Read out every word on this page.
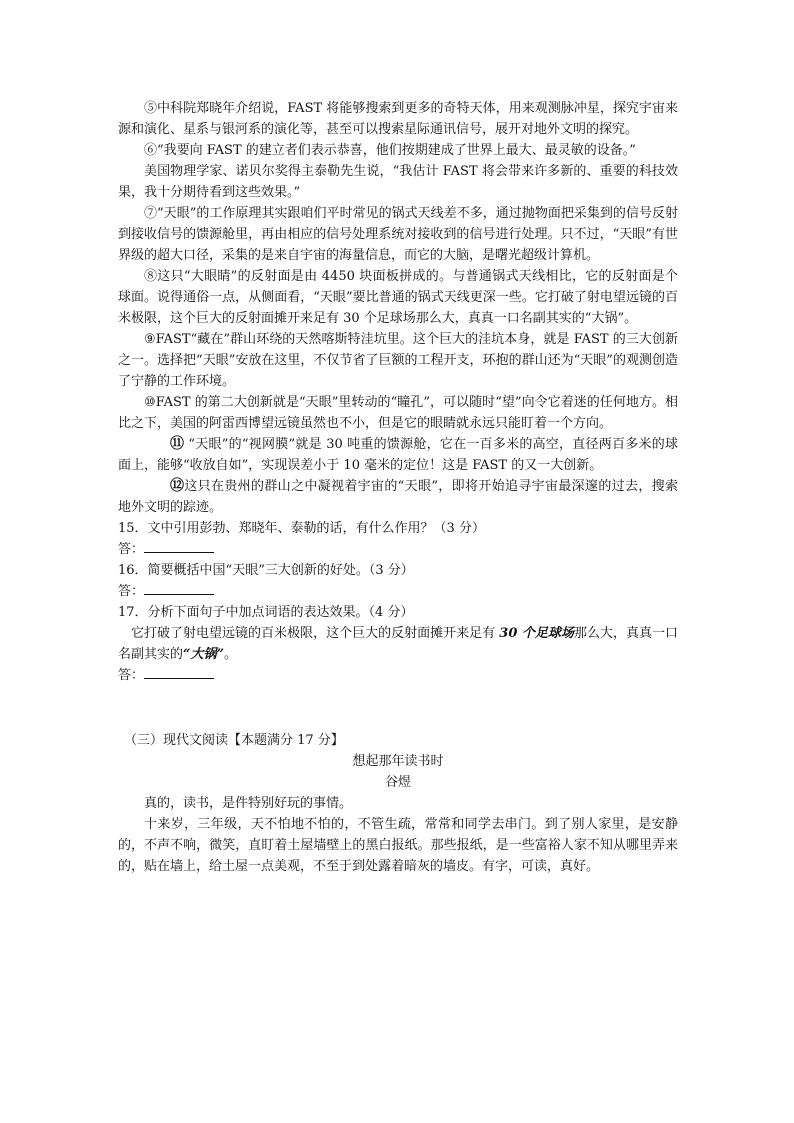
⑤中科院郑晓年介绍说，FAST 将能够搜索到更多的奇特天体，用来观测脉冲星，探究宇宙来源和演化、星系与银河系的演化等，甚至可以搜索星际通讯信号，展开对地外文明的探究。

⑥“我要向 FAST 的建立者们表示恭喜，他们按期建成了世界上最大、最灵敏的设备。”

美国物理学家、诺贝尔奖得主泰勒先生说，“我估计 FAST 将会带来许多新的、重要的科技效果，我十分期待看到这些效果。”

⑦“天眼”的工作原理其实跟咱们平时常见的锅式天线差不多，通过抛物面把采集到的信号反射到接收信号的馈源舱里，再由相应的信号处理系统对接收到的信号进行处理。只不过，“天眼”有世界级的超大口径，采集的是来自宇宙的海量信息，而它的大脑，是曙光超级计算机。

⑧这只“大眼睛”的反射面是由 4450 块面板拼成的。与普通锅式天线相比，它的反射面是个球面。说得通俗一点，从侧面看，“天眼”要比普通的锅式天线更深一些。它打破了射电望远镜的百米极限，这个巨大的反射面摊开来足有 30 个足球场那么大，真真一口名副其实的“大锅”。

⑨FAST“藏在”群山环绕的天然喀斯特洼坑里。这个巨大的洼坑本身，就是 FAST 的三大创新之一。选择把“天眼”安放在这里，不仅节省了巨额的工程开支，环抱的群山还为“天眼”的观测创造了宁静的工作环境。

⑩FAST 的第二大创新就是“天眼”里转动的“瞳孔”，可以随时“望”向令它着迷的任何地方。相比之下，美国的阿雷西博望远镜虽然也不小，但是它的眼睛就永远只能盯着一个方向。

⑪ “天眼”的“视网膜”就是 30 吨重的馈源舱，它在一百多米的高空，直径两百多米的球面上，能够“收放自如”，实现误差小于 10 毫米的定位！这是 FAST 的又一大创新。

⑫这只在贵州的群山之中凝视着宇宙的“天眼”，即将开始追寻宇宙最深邃的过去，搜索地外文明的踪迹。

15．文中引用彭勃、郑晓年、泰勒的话，有什么作用？（3 分）

答：

16．简要概括中国“天眼”三大创新的好处。（3 分）

答：

17．分析下面句子中加点词语的表达效果。（4 分）

它打破了射电望远镜的百米极限，这个巨大的反射面摊开来足有 30 个足球场那么大，真真一口名副其实的“大锅”。

答：

（三）现代文阅读【本题满分 17 分】

想起那年读书时

谷煜

真的，读书，是件特别好玩的事情。

十来岁，三年级，天不怕地不怕的，不管生疏，常常和同学去串门。到了别人家里，是安静的，不声不响，微笑，直盯着土屋墙壁上的黑白报纸。那些报纸，是一些富裕人家不知从哪里弄来的，贴在墙上，给土屋一点美观，不至于到处露着暗灰的墙皮。有字，可读，真好。
